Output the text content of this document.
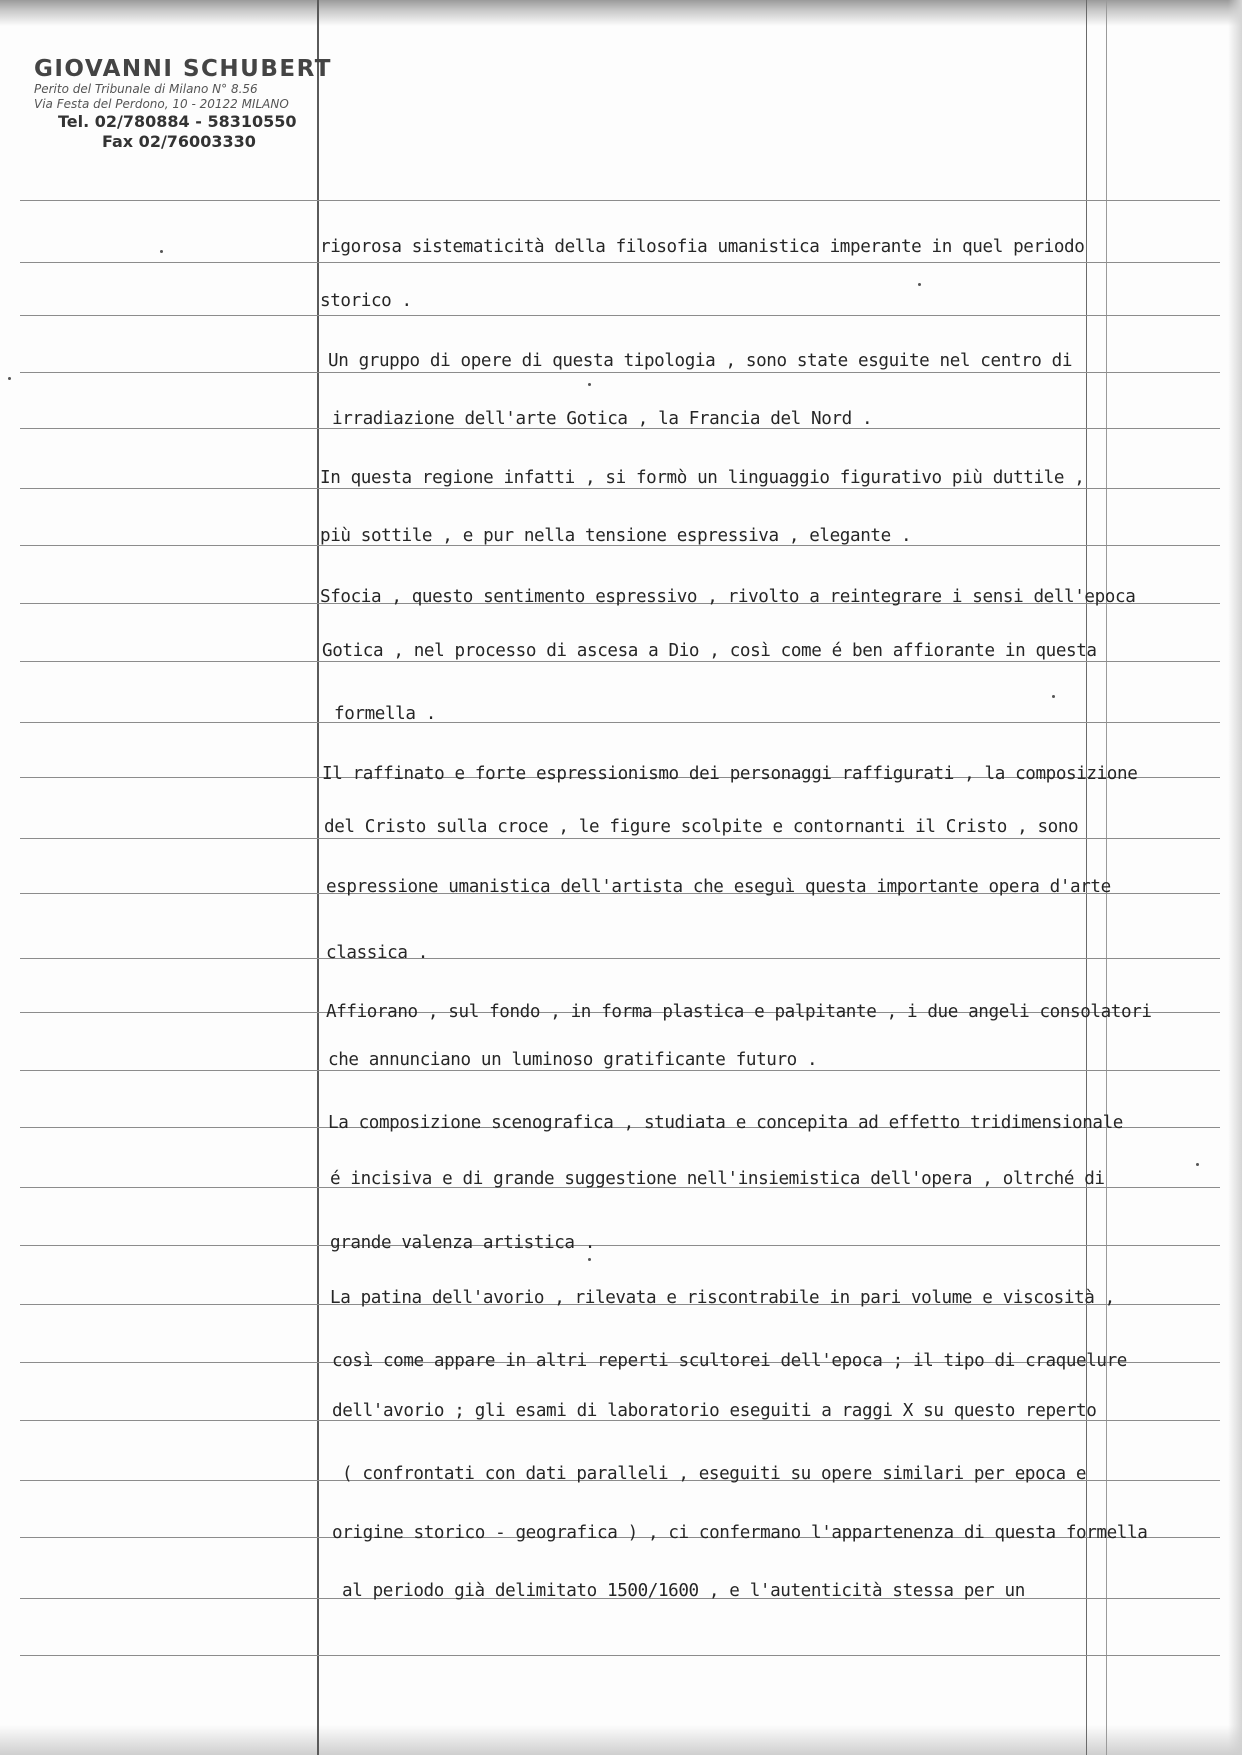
GIOVANNI SCHUBERT
Perito del Tribunale di Milano N° 8.56
Via Festa del Perdono, 10 - 20122 MILANO
Tel. 02/780884 - 58310550
Fax 02/76003330
rigorosa sistematicità della filosofia umanistica imperante in quel periodo
storico .
Un gruppo di opere di questa tipologia , sono state esguite nel centro di
irradiazione dell'arte Gotica , la Francia del Nord .
In questa regione infatti , si formò un linguaggio figurativo più duttile ,
più sottile , e pur nella tensione espressiva , elegante .
Sfocia , questo sentimento espressivo , rivolto a reintegrare i sensi dell'epoca
Gotica , nel processo di ascesa a Dio , così come é ben affiorante in questa
formella .
Il raffinato e forte espressionismo dei personaggi raffigurati , la composizione
del Cristo sulla croce , le figure scolpite e contornanti il Cristo , sono
espressione umanistica dell'artista che eseguì questa importante opera d'arte
classica .
Affiorano , sul fondo , in forma plastica e palpitante , i due angeli consolatori
che annunciano un luminoso gratificante futuro .
La composizione scenografica , studiata e concepita ad effetto tridimensionale
é incisiva e di grande suggestione nell'insiemistica dell'opera , oltrché di
grande valenza artistica .
La patina dell'avorio , rilevata e riscontrabile in pari volume e viscosità ,
così come appare in altri reperti scultorei dell'epoca ; il tipo di craquelure
dell'avorio ; gli esami di laboratorio eseguiti a raggi X su questo reperto
( confrontati con dati paralleli , eseguiti su opere similari per epoca e
origine storico - geografica ) , ci confermano l'appartenenza di questa formella
al periodo già delimitato 1500/1600 , e l'autenticità stessa per un
